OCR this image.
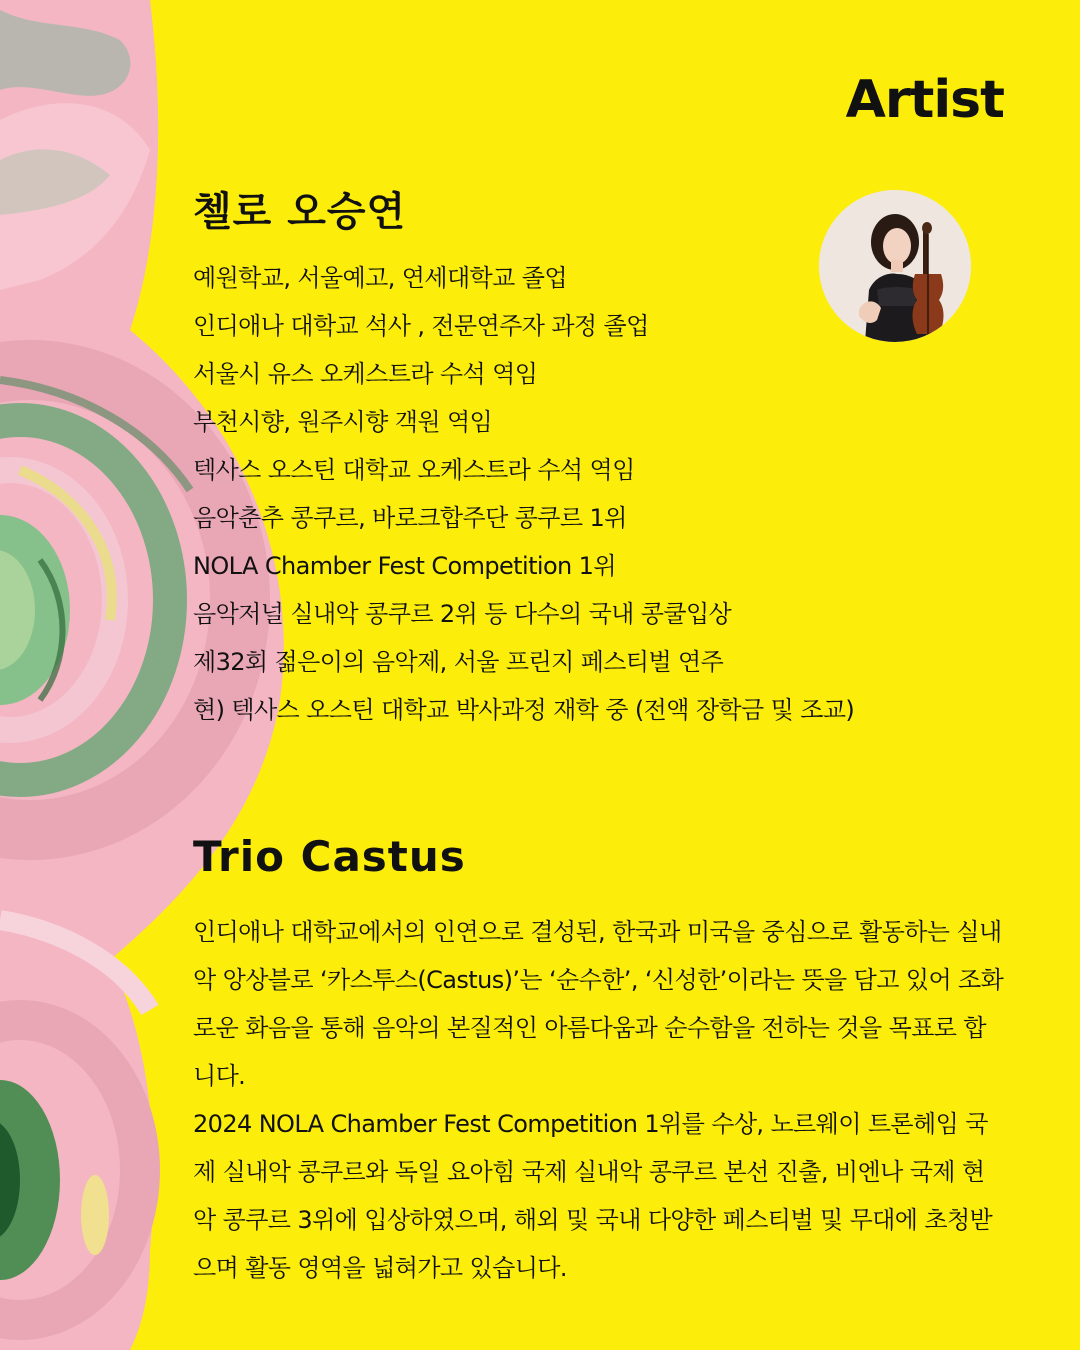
Artist
첼로 오승연
예원학교, 서울예고, 연세대학교 졸업
인디애나 대학교 석사 , 전문연주자 과정 졸업
서울시 유스 오케스트라 수석 역임
부천시향, 원주시향 객원 역임
텍사스 오스틴 대학교 오케스트라 수석 역임
음악춘추 콩쿠르, 바로크합주단 콩쿠르 1위
NOLA Chamber Fest Competition 1위
음악저널 실내악 콩쿠르 2위 등 다수의 국내 콩쿨입상
제32회 젊은이의 음악제, 서울 프린지 페스티벌 연주
현) 텍사스 오스틴 대학교 박사과정 재학 중 (전액 장학금 및 조교)
Trio Castus

인디애나 대학교에서의 인연으로 결성된, 한국과 미국을 중심으로 활동하는 실내악 앙상블로 ‘카스투스(Castus)’는 ‘순수한’, ‘신성한’이라는 뜻을 담고 있어 조화로운 화음을 통해 음악의 본질적인 아름다움과 순수함을 전하는 것을 목표로 합니다.

2024 NOLA Chamber Fest Competition 1위를 수상, 노르웨이 트론헤임 국제 실내악 콩쿠르와 독일 요아힘 국제 실내악 콩쿠르 본선 진출, 비엔나 국제 현악 콩쿠르 3위에 입상하였으며, 해외 및 국내 다양한 페스티벌 및 무대에 초청받으며 활동 영역을 넓혀가고 있습니다.
